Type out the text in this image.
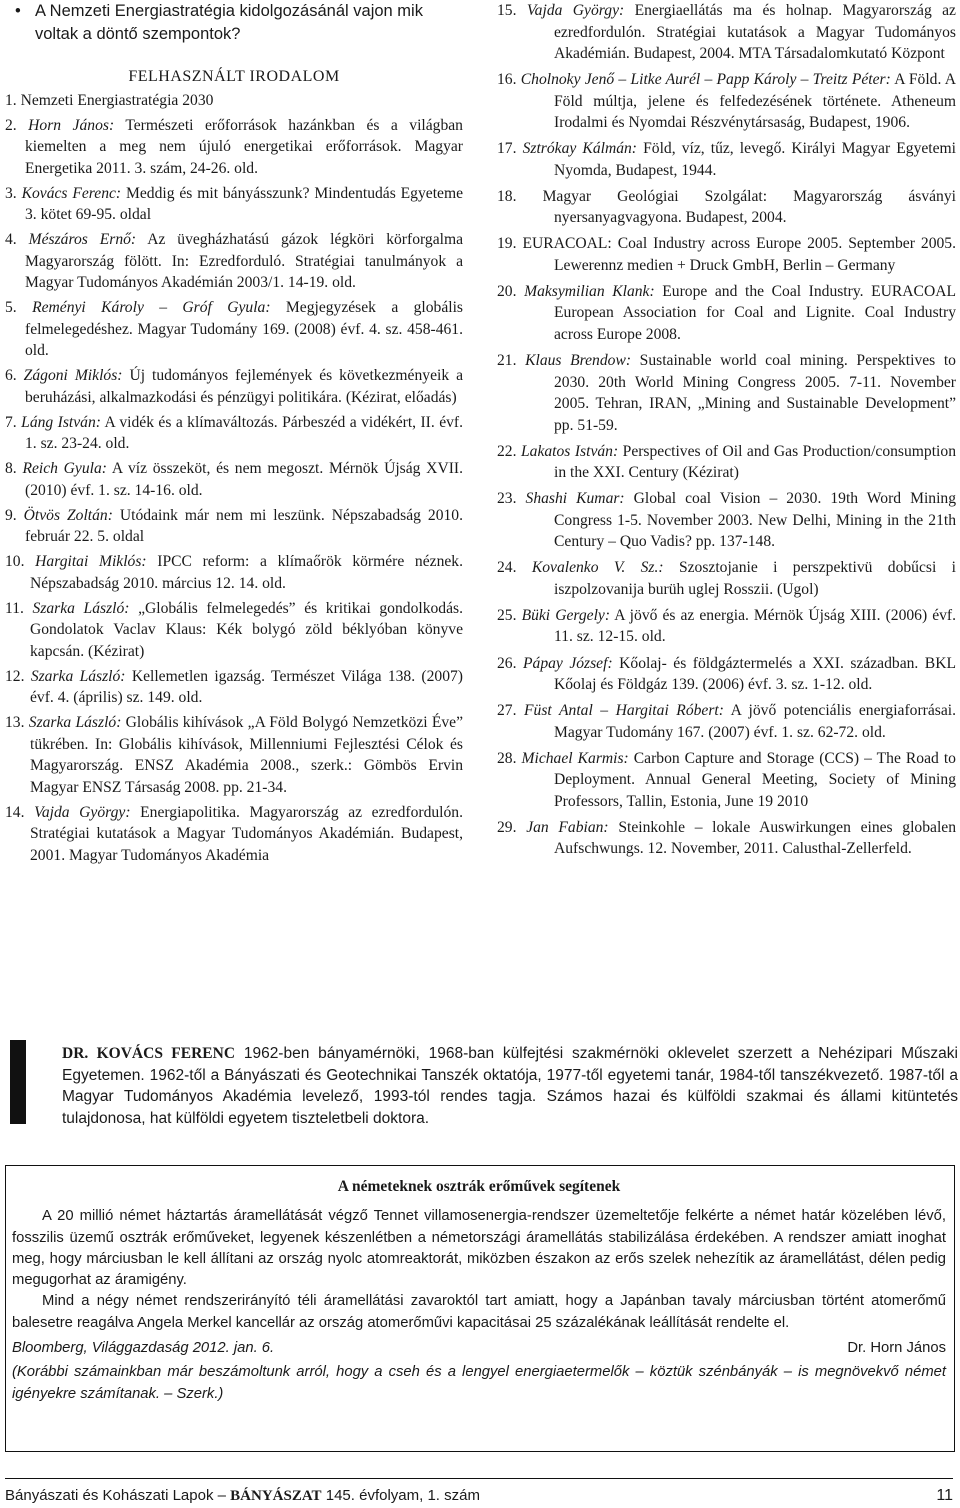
• A Nemzeti Energiastratégia kidolgozásánál vajon mik voltak a döntő szempontok?
FELHASZNÁLT IRODALOM
1. Nemzeti Energiastratégia 2030
2. Horn János: Természeti erőforrások hazánkban és a világban kiemelten a meg nem újuló energetikai erőforrások. Magyar Energetika 2011. 3. szám, 24-26. old.
3. Kovács Ferenc: Meddig és mit bányásszunk? Mindentudás Egyeteme 3. kötet 69-95. oldal
4. Mészáros Ernő: Az üvegházhatású gázok légköri körforgalma Magyarország fölött. In: Ezredforduló. Stratégiai tanulmányok a Magyar Tudományos Akadémián 2003/1. 14-19. old.
5. Reményi Károly – Gróf Gyula: Megjegyzések a globális felmelegedéshez. Magyar Tudomány 169. (2008) évf. 4. sz. 458-461. old.
6. Zágoni Miklós: Új tudományos fejlemények és következményeik a beruházási, alkalmazkodási és pénzügyi politikára. (Kézirat, előadás)
7. Láng István: A vidék és a klímaváltozás. Párbeszéd a vidékért, II. évf. 1. sz. 23-24. old.
8. Reich Gyula: A víz összeköt, és nem megoszt. Mérnök Újság XVII. (2010) évf. 1. sz. 14-16. old.
9. Ötvös Zoltán: Utódaink már nem mi leszünk. Népszabadság 2010. február 22. 5. oldal
10. Hargitai Miklós: IPCC reform: a klímaőrök körmére néznek. Népszabadság 2010. március 12. 14. old.
11. Szarka László: „Globális felmelegedés” és kritikai gondolkodás. Gondolatok Vaclav Klaus: Kék bolygó zöld béklyóban könyve kapcsán. (Kézirat)
12. Szarka László: Kellemetlen igazság. Természet Világa 138. (2007) évf. 4. (április) sz. 149. old.
13. Szarka László: Globális kihívások „A Föld Bolygó Nemzetközi Éve” tükrében. In: Globális kihívások, Millenniumi Fejlesztési Célok és Magyarország. ENSZ Akadémia 2008., szerk.: Gömbös Ervin Magyar ENSZ Társaság 2008. pp. 21-34.
14. Vajda György: Energiapolitika. Magyarország az ezredfordulón. Stratégiai kutatások a Magyar Tudományos Akadémián. Budapest, 2001. Magyar Tudományos Akadémia
15. Vajda György: Energiaellátás ma és holnap. Magyarország az ezredfordulón. Stratégiai kutatások a Magyar Tudományos Akadémián. Budapest, 2004. MTA Társadalomkutató Központ
16. Cholnoky Jenő – Litke Aurél – Papp Károly – Treitz Péter: A Föld. A Föld múltja, jelene és felfedezésének története. Atheneum Irodalmi és Nyomdai Részvénytársaság, Budapest, 1906.
17. Sztrókay Kálmán: Föld, víz, tűz, levegő. Királyi Magyar Egyetemi Nyomda, Budapest, 1944.
18. Magyar Geológiai Szolgálat: Magyarország ásványi nyersanyagvagyona. Budapest, 2004.
19. EURACOAL: Coal Industry across Europe 2005. September 2005. Lewerennz medien + Druck GmbH, Berlin – Germany
20. Maksymilian Klank: Europe and the Coal Industry. EURACOAL European Association for Coal and Lignite. Coal Industry across Europe 2008.
21. Klaus Brendow: Sustainable world coal mining. Perspektives to 2030. 20th World Mining Congress 2005. 7-11. November 2005. Tehran, IRAN, „Mining and Sustainable Development” pp. 51-59.
22. Lakatos István: Perspectives of Oil and Gas Production/consumption in the XXI. Century (Kézirat)
23. Shashi Kumar: Global coal Vision – 2030. 19th Word Mining Congress 1-5. November 2003. New Delhi, Mining in the 21th Century – Quo Vadis? pp. 137-148.
24. Kovalenko V. Sz.: Szosztojanie i perszpektivü dobűcsi i iszpolzovanija burüh uglej Rosszii. (Ugol)
25. Büki Gergely: A jövő és az energia. Mérnök Újság XIII. (2006) évf. 11. sz. 12-15. old.
26. Pápay József: Kőolaj- és földgáztermelés a XXI. században. BKL Kőolaj és Földgáz 139. (2006) évf. 3. sz. 1-12. old.
27. Füst Antal – Hargitai Róbert: A jövő potenciális energiaforrásai. Magyar Tudomány 167. (2007) évf. 1. sz. 62-72. old.
28. Michael Karmis: Carbon Capture and Storage (CCS) – The Road to Deployment. Annual General Meeting, Society of Mining Professors, Tallin, Estonia, June 19 2010
29. Jan Fabian: Steinkohle – lokale Auswirkungen eines globalen Aufschwungs. 12. November, 2011. Calusthal-Zellerfeld.
DR. KOVÁCS FERENC 1962-ben bányamérnöki, 1968-ban külfejtési szakmérnöki oklevelet szerzett a Nehézipari Műszaki Egyetemen. 1962-től a Bányászati és Geotechnikai Tanszék oktatója, 1977-től egyetemi tanár, 1984-től tanszékvezető. 1987-től a Magyar Tudományos Akadémia levelező, 1993-tól rendes tagja. Számos hazai és külföldi szakmai és állami kitüntetés tulajdonosa, hat külföldi egyetem tiszteletbeli doktora.
A németeknek osztrák erőművek segítenek

A 20 millió német háztartás áramellátását végző Tennet villamosenergia-rendszer üzemeltetője felkérte a német határ közelében lévő, fosszilis üzemű osztrák erőműveket, legyenek készenlétben a németországi áramellátás stabilizálása érdekében. A rendszer amiatt inoghat meg, hogy márciusban le kell állítani az ország nyolc atomreaktorát, miközben északon az erős szelek nehezítik az áramellátást, délen pedig megugorhat az áramigény.

Mind a négy német rendszerirányító téli áramellátási zavaroktól tart amiatt, hogy a Japánban tavaly márciusban történt atomerőmű balesetre reagálva Angela Merkel kancellár az ország atomerőművi kapacitásai 25 százalékának leállítását rendelte el.

Bloomberg, Világgazdaság 2012. jan. 6.	Dr. Horn János
(Korábbi számainkban már beszámoltunk arról, hogy a cseh és a lengyel energiaetermelők – köztük szénbányák – is megnövekvő német igényekre számítanak. – Szerk.)
Bányászati és Kohászati Lapok – BÁNYÁSZAT 145. évfolyam, 1. szám	11
